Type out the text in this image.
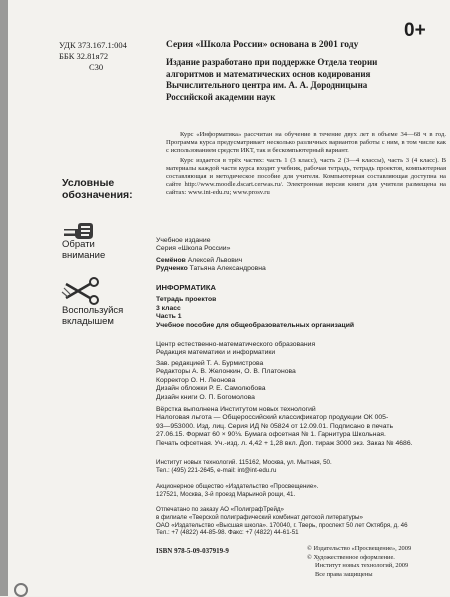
УДК 373.167.1:004
ББК 32.81я72
С30
Серия «Школа России» основана в 2001 году
0+
Издание разработано при поддержке Отдела теории
алгоритмов и математических основ кодирования
Вычислительного центра им. А. А. Дородницына
Российской академии наук

Курс «Информатика» рассчитан на обучение в течение двух лет в объеме 34—68 ч в год. Программа курса предусматривает несколько различных вариантов работы с ним, в том числе как с использованием средств ИКТ, так и бескомпьютерный вариант.

Курс издается в трёх частях: часть 1 (3 класс), часть 2 (3—4 классы), часть 3 (4 класс). В материалы каждой части курса входят учебник, рабочая тетрадь, тетрадь проектов, компьютерная составляющая и методическое пособие для учителя. Компьютерная составляющая доступна на сайте http://www.moodle.dscart.cerwas.ru/. Электронная версия книги для учителя размещена на сайтах: www.int-edu.ru; www.prosv.ru

Условные
обозначения:
Обрати
внимание
Воспользуйся
вкладышем
Учебное издание
Серия «Школа России»
Семёнов Алексей Львович
Рудченко Татьяна Александровна
ИНФОРМАТИКА
Тетрадь проектов
3 класс
Часть 1
Учебное пособие для общеобразовательных организаций
Центр естественно-математического образования
Редакция математики и информатики
Зав. редакцией Т. А. Бурмистрова
Редакторы А. В. Желонкин, О. В. Платонова
Корректор О. Н. Леонова
Дизайн обложки Р. Е. Самолюбова
Дизайн книги О. П. Богомолова
Вёрстка выполнена Институтом новых технологий
Налоговая льгота — Общероссийский классификатор продукции ОК 005-
93—953000. Изд. лиц. Серия ИД № 05824 от 12.09.01. Подписано в печать
27.06.15. Формат 60 × 90⅛. Бумага офсетная № 1. Гарнитура Школьная.
Печать офсетная. Уч.-изд. л. 4,42 + 1,28 вкл. Доп. тираж 3000 экз. Заказ № 4686.
Институт новых технологий. 115162, Москва, ул. Мытная, 50.
Тел.: (495) 221-2645, e-mail: int@int-edu.ru
Акционерное общество «Издательство «Просвещение».
127521, Москва, 3-й проезд Марьиной рощи, 41.
Отпечатано по заказу АО «ПолиграфТрейд»
в филиале «Тверской полиграфический комбинат детской литературы»
ОАО «Издательство «Высшая школа». 170040, г. Тверь, проспект 50 лет Октября, д. 46
Тел.: +7 (4822) 44-85-98. Факс: +7 (4822) 44-61-51
ISBN 978-5-09-037919-9	© Издательство «Просвещение», 2009
© Художественное оформление.
Институт новых технологий, 2009
Все права защищены
